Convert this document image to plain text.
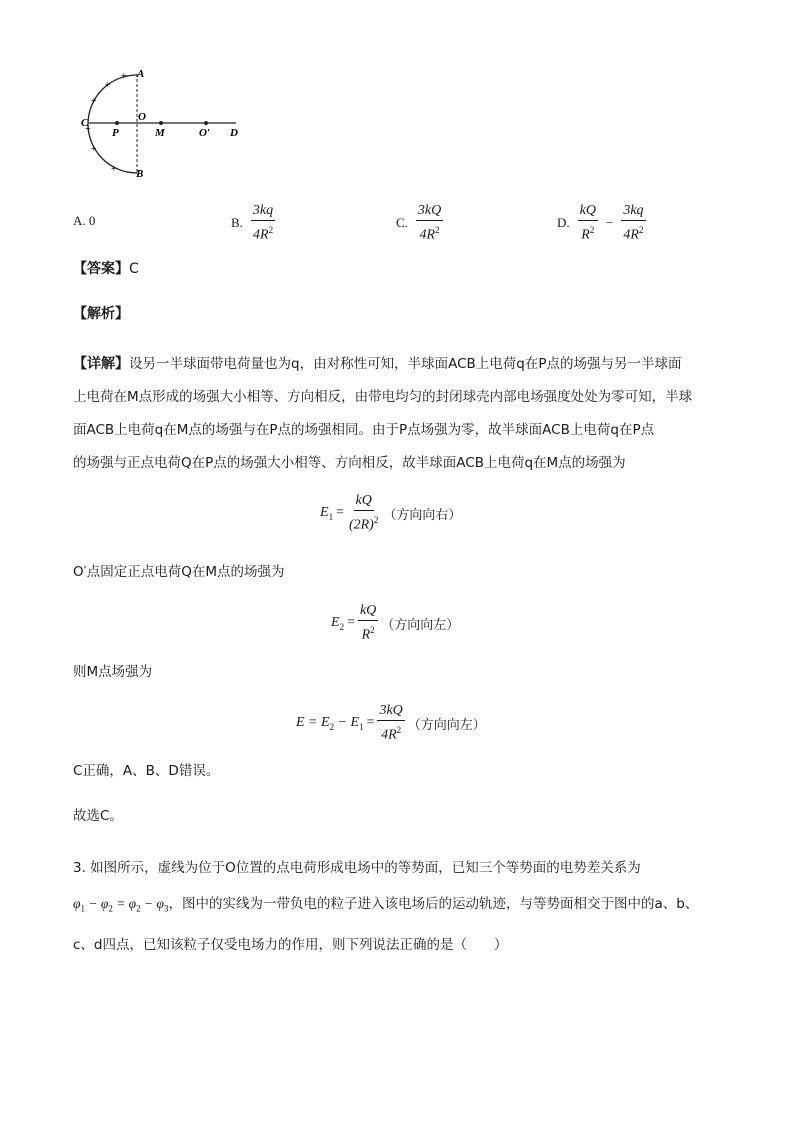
A
B
C	O
P	M	O′ D
+
+
+
+
+
+
A. 0	B. $\frac{3kq}{4R^2}$	C. $\frac{3kQ}{4R^2}$	D. $\frac{kQ}{R^2} - \frac{3kq}{4R^2}$
【答案】C
【解析】
【详解】设另一半球面带电荷量也为q，由对称性可知，半球面ACB上电荷q在P点的场强与另一半球面
上电荷在M点形成的场强大小相等、方向相反，由带电均匀的封闭球壳内部电场强度处处为零可知，半球
面ACB上电荷q在M点的场强与在P点的场强相同。由于P点场强为零，故半球面ACB上电荷q在P点
的场强与正点电荷Q在P点的场强大小相等、方向相反，故半球面ACB上电荷q在M点的场强为
$E_1 = \frac{kQ}{(2R)^2}$ （方向向右）
O′点固定正点电荷Q在M点的场强为
$E_2 = \frac{kQ}{R^2}$ （方向向左）
则M点场强为
$E = E_2 - E_1 = \frac{3kQ}{4R^2}$ （方向向左）
C正确，A、B、D错误。
故选C。
3. 如图所示，虚线为位于O位置的点电荷形成电场中的等势面，已知三个等势面的电势差关系为
$\varphi_1 - \varphi_2 = \varphi_2 - \varphi_3$，图中的实线为一带负电的粒子进入该电场后的运动轨迹，与等势面相交于图中的a、b、
c、d四点，已知该粒子仅受电场力的作用，则下列说法正确的是（　　）
